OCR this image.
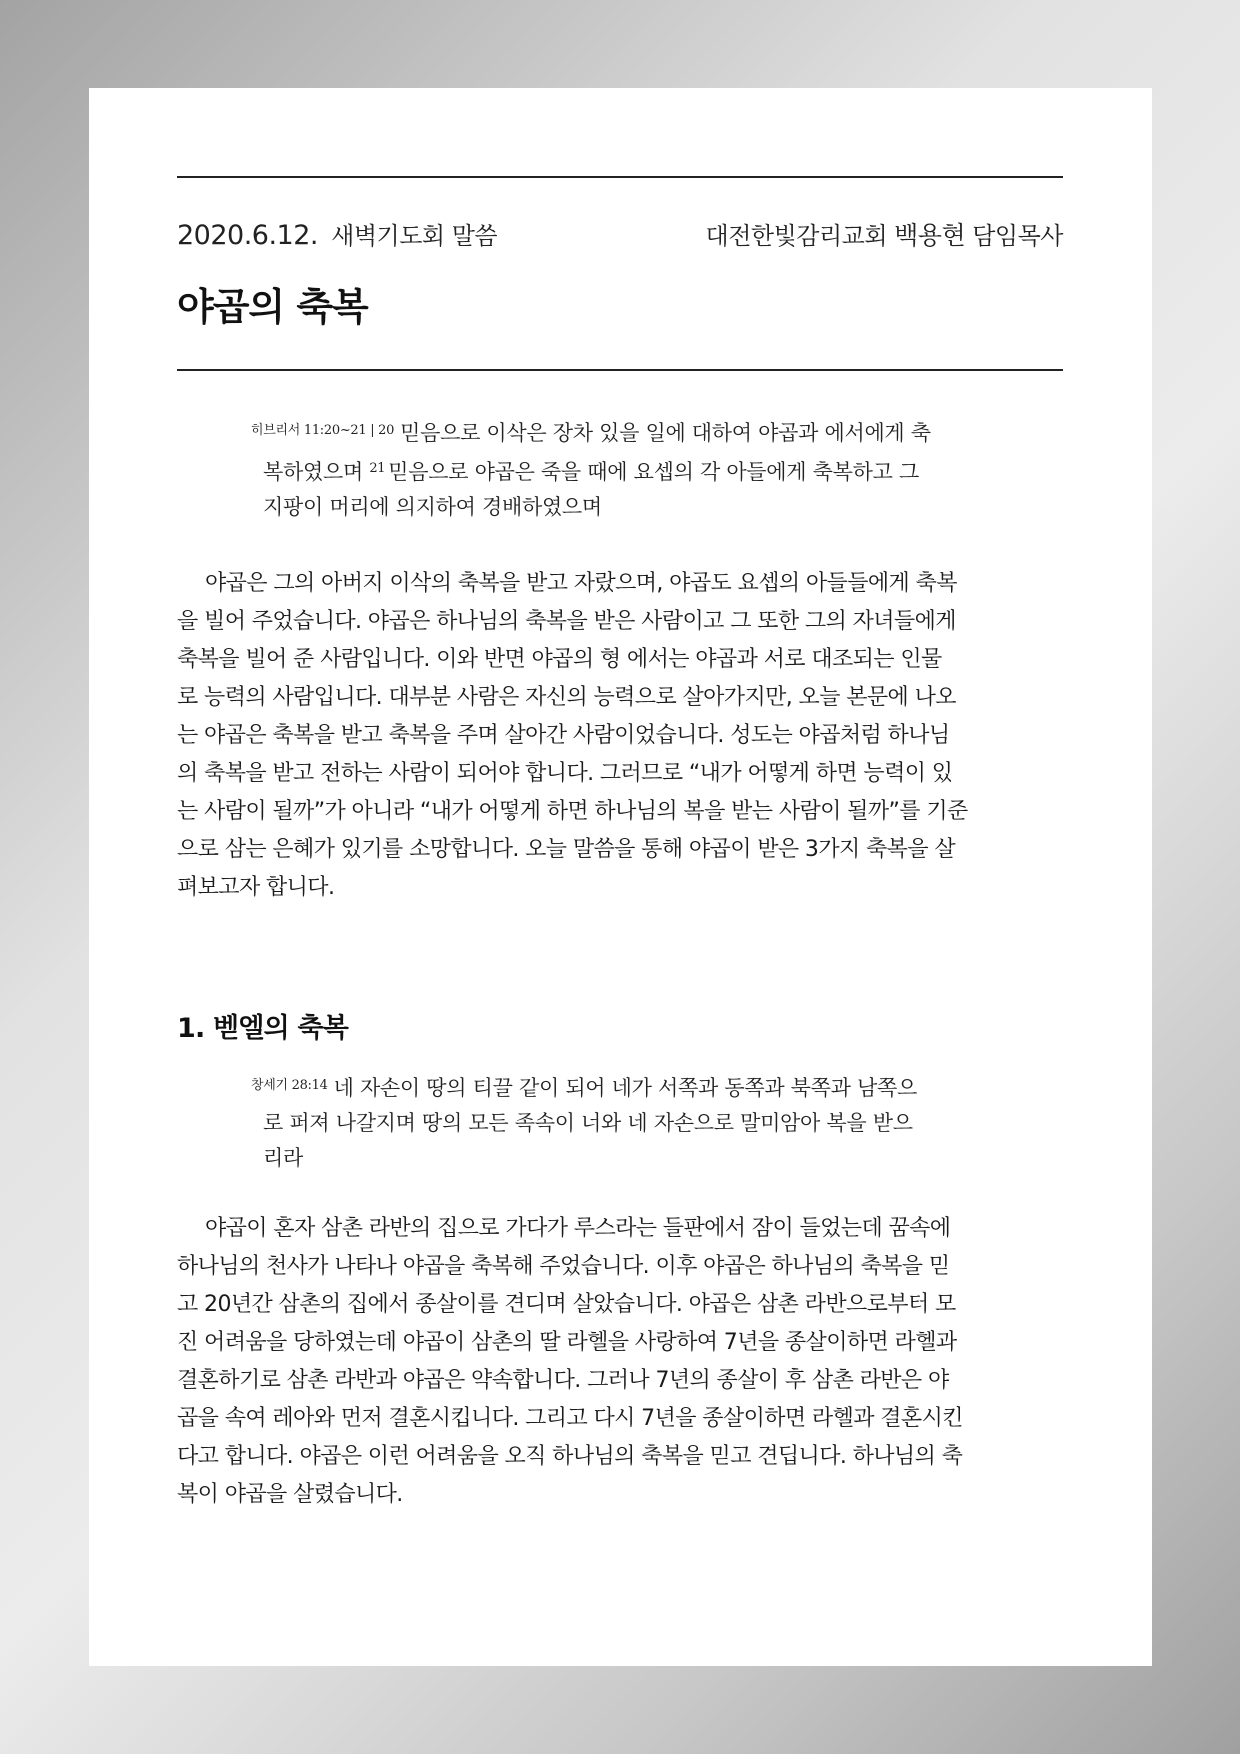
2020.6.12. 새벽기도회 말씀	대전한빛감리교회 백용현 담임목사
야곱의 축복
$^{히브리서 11:20\sim 21 | 20}$ 믿음으로 이삭은 장차 있을 일에 대하여 야곱과 에서에게 축
복하였으며 $^{21}$ 믿음으로 야곱은 죽을 때에 요셉의 각 아들에게 축복하고 그
지팡이 머리에 의지하여 경배하였으며
야곱은 그의 아버지 이삭의 축복을 받고 자랐으며, 야곱도 요셉의 아들들에게 축복
을 빌어 주었습니다. 야곱은 하나님의 축복을 받은 사람이고 그 또한 그의 자녀들에게
축복을 빌어 준 사람입니다. 이와 반면 야곱의 형 에서는 야곱과 서로 대조되는 인물
로 능력의 사람입니다. 대부분 사람은 자신의 능력으로 살아가지만, 오늘 본문에 나오
는 야곱은 축복을 받고 축복을 주며 살아간 사람이었습니다. 성도는 야곱처럼 하나님
의 축복을 받고 전하는 사람이 되어야 합니다. 그러므로 “내가 어떻게 하면 능력이 있
는 사람이 될까”가 아니라 “내가 어떻게 하면 하나님의 복을 받는 사람이 될까”를 기준
으로 삼는 은혜가 있기를 소망합니다. 오늘 말씀을 통해 야곱이 받은 3가지 축복을 살
펴보고자 합니다.
1. 벧엘의 축복
$^{창세기 28:14}$ 네 자손이 땅의 티끌 같이 되어 네가 서쪽과 동쪽과 북쪽과 남쪽으
로 퍼져 나갈지며 땅의 모든 족속이 너와 네 자손으로 말미암아 복을 받으
리라
야곱이 혼자 삼촌 라반의 집으로 가다가 루스라는 들판에서 잠이 들었는데 꿈속에
하나님의 천사가 나타나 야곱을 축복해 주었습니다. 이후 야곱은 하나님의 축복을 믿
고 20년간 삼촌의 집에서 종살이를 견디며 살았습니다. 야곱은 삼촌 라반으로부터 모
진 어려움을 당하였는데 야곱이 삼촌의 딸 라헬을 사랑하여 7년을 종살이하면 라헬과
결혼하기로 삼촌 라반과 야곱은 약속합니다. 그러나 7년의 종살이 후 삼촌 라반은 야
곱을 속여 레아와 먼저 결혼시킵니다. 그리고 다시 7년을 종살이하면 라헬과 결혼시킨
다고 합니다. 야곱은 이런 어려움을 오직 하나님의 축복을 믿고 견딥니다. 하나님의 축
복이 야곱을 살렸습니다.
